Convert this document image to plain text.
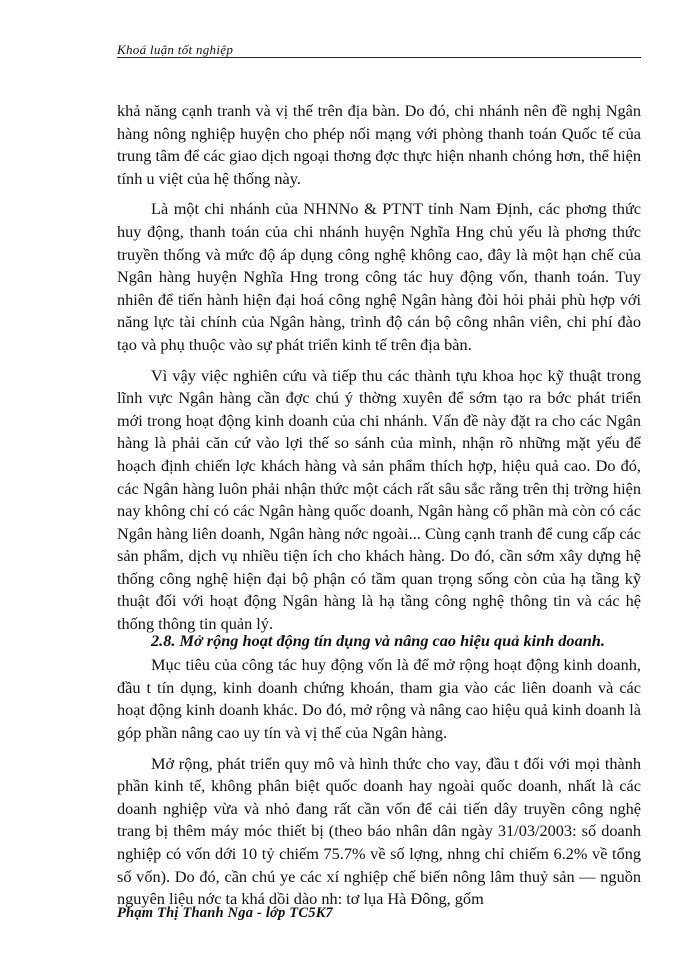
Khoá luận tốt nghiệp

khả năng cạnh tranh và vị thế trên địa bàn. Do đó, chi nhánh nên đề nghị Ngân hàng nông nghiệp huyện cho phép nối mạng với phòng thanh toán Quốc tế của trung tâm để các giao dịch ngoại thơng đợc thực hiện nhanh chóng hơn, thể hiện tính u việt của hệ thống này.

Là một chi nhánh của NHNNo & PTNT tỉnh Nam Định, các phơng thức huy động, thanh toán của chi nhánh huyện Nghĩa Hng chủ yếu là phơng thức truyền thống và mức độ áp dụng công nghệ không cao, đây là một hạn chế của Ngân hàng huyện Nghĩa Hng trong công tác huy động vốn, thanh toán. Tuy nhiên để tiến hành hiện đại hoá công nghệ Ngân hàng đòi hỏi phải phù hợp với năng lực tài chính của Ngân hàng, trình độ cán bộ công nhân viên, chi phí đào tạo và phụ thuộc vào sự phát triển kinh tế trên địa bàn.

Vì vậy việc nghiên cứu và tiếp thu các thành tựu khoa học kỹ thuật trong lĩnh vực Ngân hàng cần đợc chú ý thờng xuyên để sớm tạo ra bớc phát triển mới trong hoạt động kinh doanh của chi nhánh. Vấn đề này đặt ra cho các Ngân hàng là phải căn cứ vào lợi thế so sánh của mình, nhận rõ những mặt yếu để hoạch định chiến lợc khách hàng và sản phẩm thích hợp, hiệu quả cao. Do đó, các Ngân hàng luôn phải nhận thức một cách rất sâu sắc rằng trên thị trờng hiện nay không chỉ có các Ngân hàng quốc doanh, Ngân hàng cổ phần mà còn có các Ngân hàng liên doanh, Ngân hàng nớc ngoài... Cùng cạnh tranh để cung cấp các sản phẩm, dịch vụ nhiều tiện ích cho khách hàng. Do đó, cần sớm xây dựng hệ thống công nghệ hiện đại bộ phận có tầm quan trọng sống còn của hạ tầng kỹ thuật đối với hoạt động Ngân hàng là hạ tầng công nghệ thông tin và các hệ thống thông tin quản lý.

2.8. Mở rộng hoạt động tín dụng và nâng cao hiệu quả kinh doanh.

Mục tiêu của công tác huy động vốn là để mở rộng hoạt động kinh doanh, đầu t tín dụng, kinh doanh chứng khoán, tham gia vào các liên doanh và các hoạt động kinh doanh khác. Do đó, mở rộng và nâng cao hiệu quả kinh doanh là góp phần nâng cao uy tín và vị thế của Ngân hàng.

Mở rộng, phát triển quy mô và hình thức cho vay, đầu t đối với mọi thành phần kinh tế, không phân biệt quốc doanh hay ngoài quốc doanh, nhất là các doanh nghiệp vừa và nhỏ đang rất cần vốn để cải tiến dây truyền công nghệ trang bị thêm máy móc thiết bị (theo báo nhân dân ngày 31/03/2003: số doanh nghiệp có vốn dới 10 tỷ chiếm 75.7% về số lợng, nhng chỉ chiếm 6.2% về tổng số vốn). Do đó, cần chú ye các xí nghiệp chế biến nông lâm thuỷ sản — nguồn nguyên liệu nớc ta khá dồi dào nh: tơ lụa Hà Đông, gốm

Phạm Thị Thanh Nga - lớp TC5K7
